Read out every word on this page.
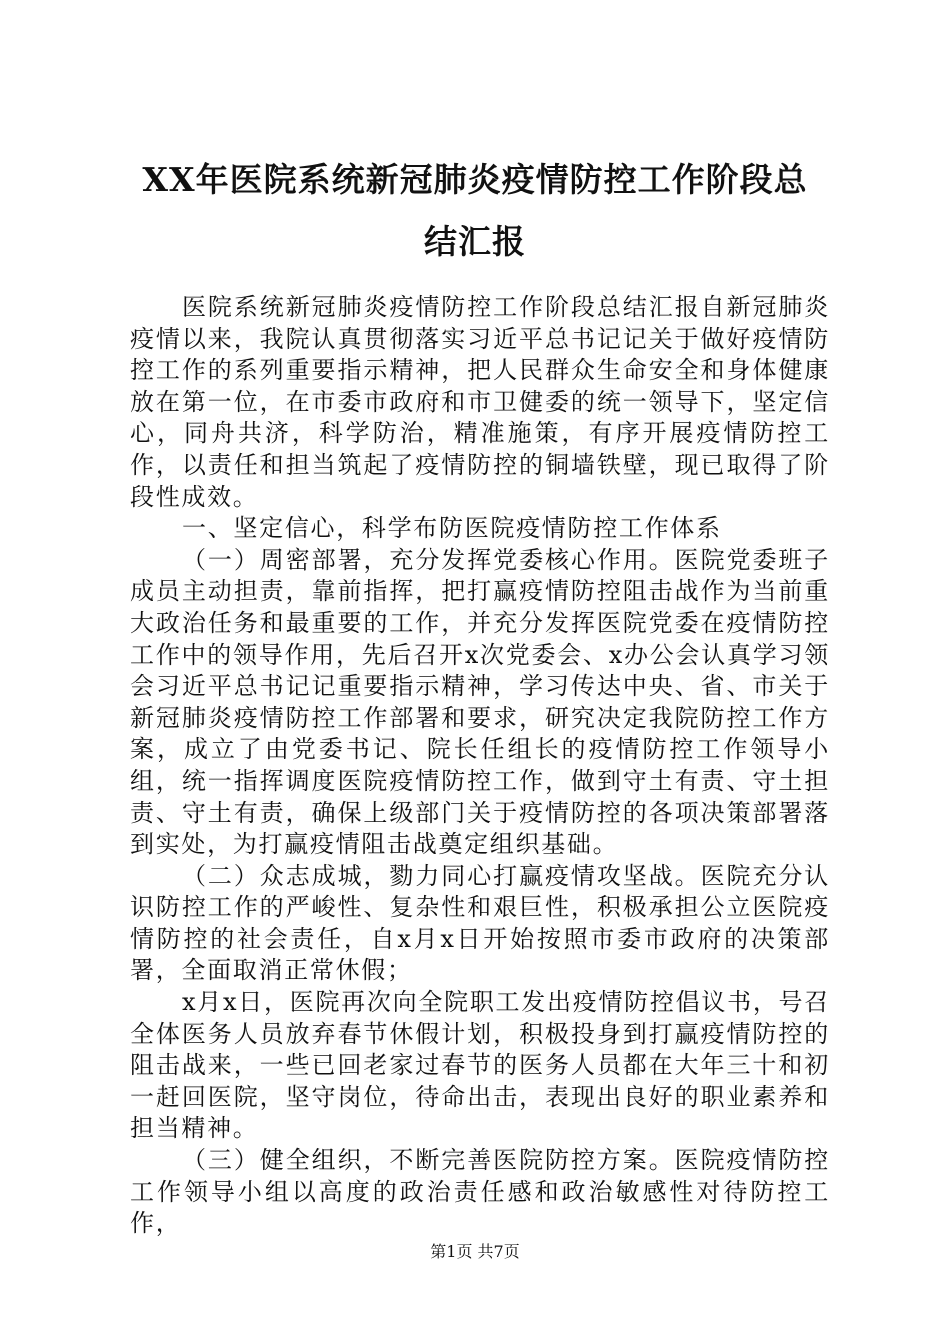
XX年医院系统新冠肺炎疫情防控工作阶段总
结汇报

医院系统新冠肺炎疫情防控工作阶段总结汇报自新冠肺炎疫情以来，我院认真贯彻落实习近平总书记记关于做好疫情防控工作的系列重要指示精神，把人民群众生命安全和身体健康放在第一位，在市委市政府和市卫健委的统一领导下，坚定信心，同舟共济，科学防治，精准施策，有序开展疫情防控工作，以责任和担当筑起了疫情防控的铜墙铁壁，现已取得了阶段性成效。

一、坚定信心，科学布防医院疫情防控工作体系

（一）周密部署，充分发挥党委核心作用。医院党委班子成员主动担责，靠前指挥，把打赢疫情防控阻击战作为当前重大政治任务和最重要的工作，并充分发挥医院党委在疫情防控工作中的领导作用，先后召开x次党委会、x办公会认真学习领会习近平总书记记重要指示精神，学习传达中央、省、市关于新冠肺炎疫情防控工作部署和要求，研究决定我院防控工作方案，成立了由党委书记、院长任组长的疫情防控工作领导小组，统一指挥调度医院疫情防控工作，做到守土有责、守土担责、守土有责，确保上级部门关于疫情防控的各项决策部署落到实处，为打赢疫情阻击战奠定组织基础。

（二）众志成城，勠力同心打赢疫情攻坚战。医院充分认识防控工作的严峻性、复杂性和艰巨性，积极承担公立医院疫情防控的社会责任，自x月x日开始按照市委市政府的决策部署，全面取消正常休假；

x月x日，医院再次向全院职工发出疫情防控倡议书，号召全体医务人员放弃春节休假计划，积极投身到打赢疫情防控的阻击战来，一些已回老家过春节的医务人员都在大年三十和初一赶回医院，坚守岗位，待命出击，表现出良好的职业素养和担当精神。

（三）健全组织，不断完善医院防控方案。医院疫情防控工作领导小组以高度的政治责任感和政治敏感性对待防控工作，

第1页 共7页
